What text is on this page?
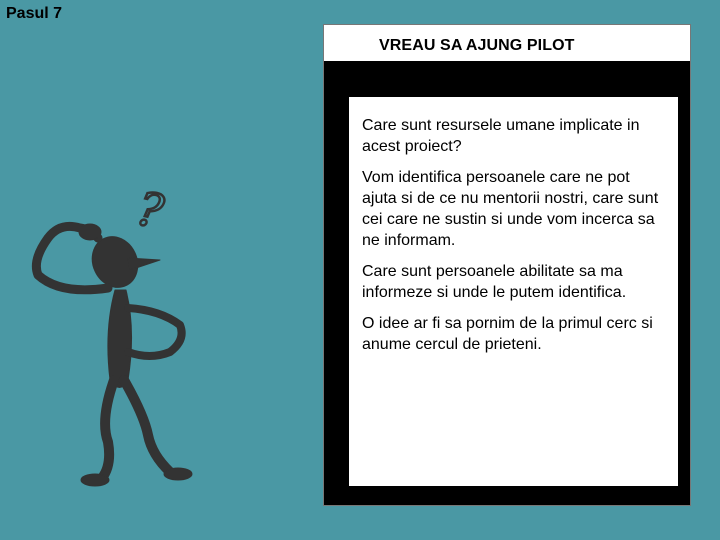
Pasul 7
?
VREAU SA AJUNG PILOT

Care sunt resursele umane implicate in acest proiect?

Vom identifica persoanele care ne pot ajuta si de ce nu mentorii nostri, care sunt cei care ne sustin si unde vom incerca sa ne informam.

Care sunt persoanele abilitate sa ma informeze si unde le putem identifica.

O idee ar fi sa pornim de la primul cerc si anume cercul de prieteni.
